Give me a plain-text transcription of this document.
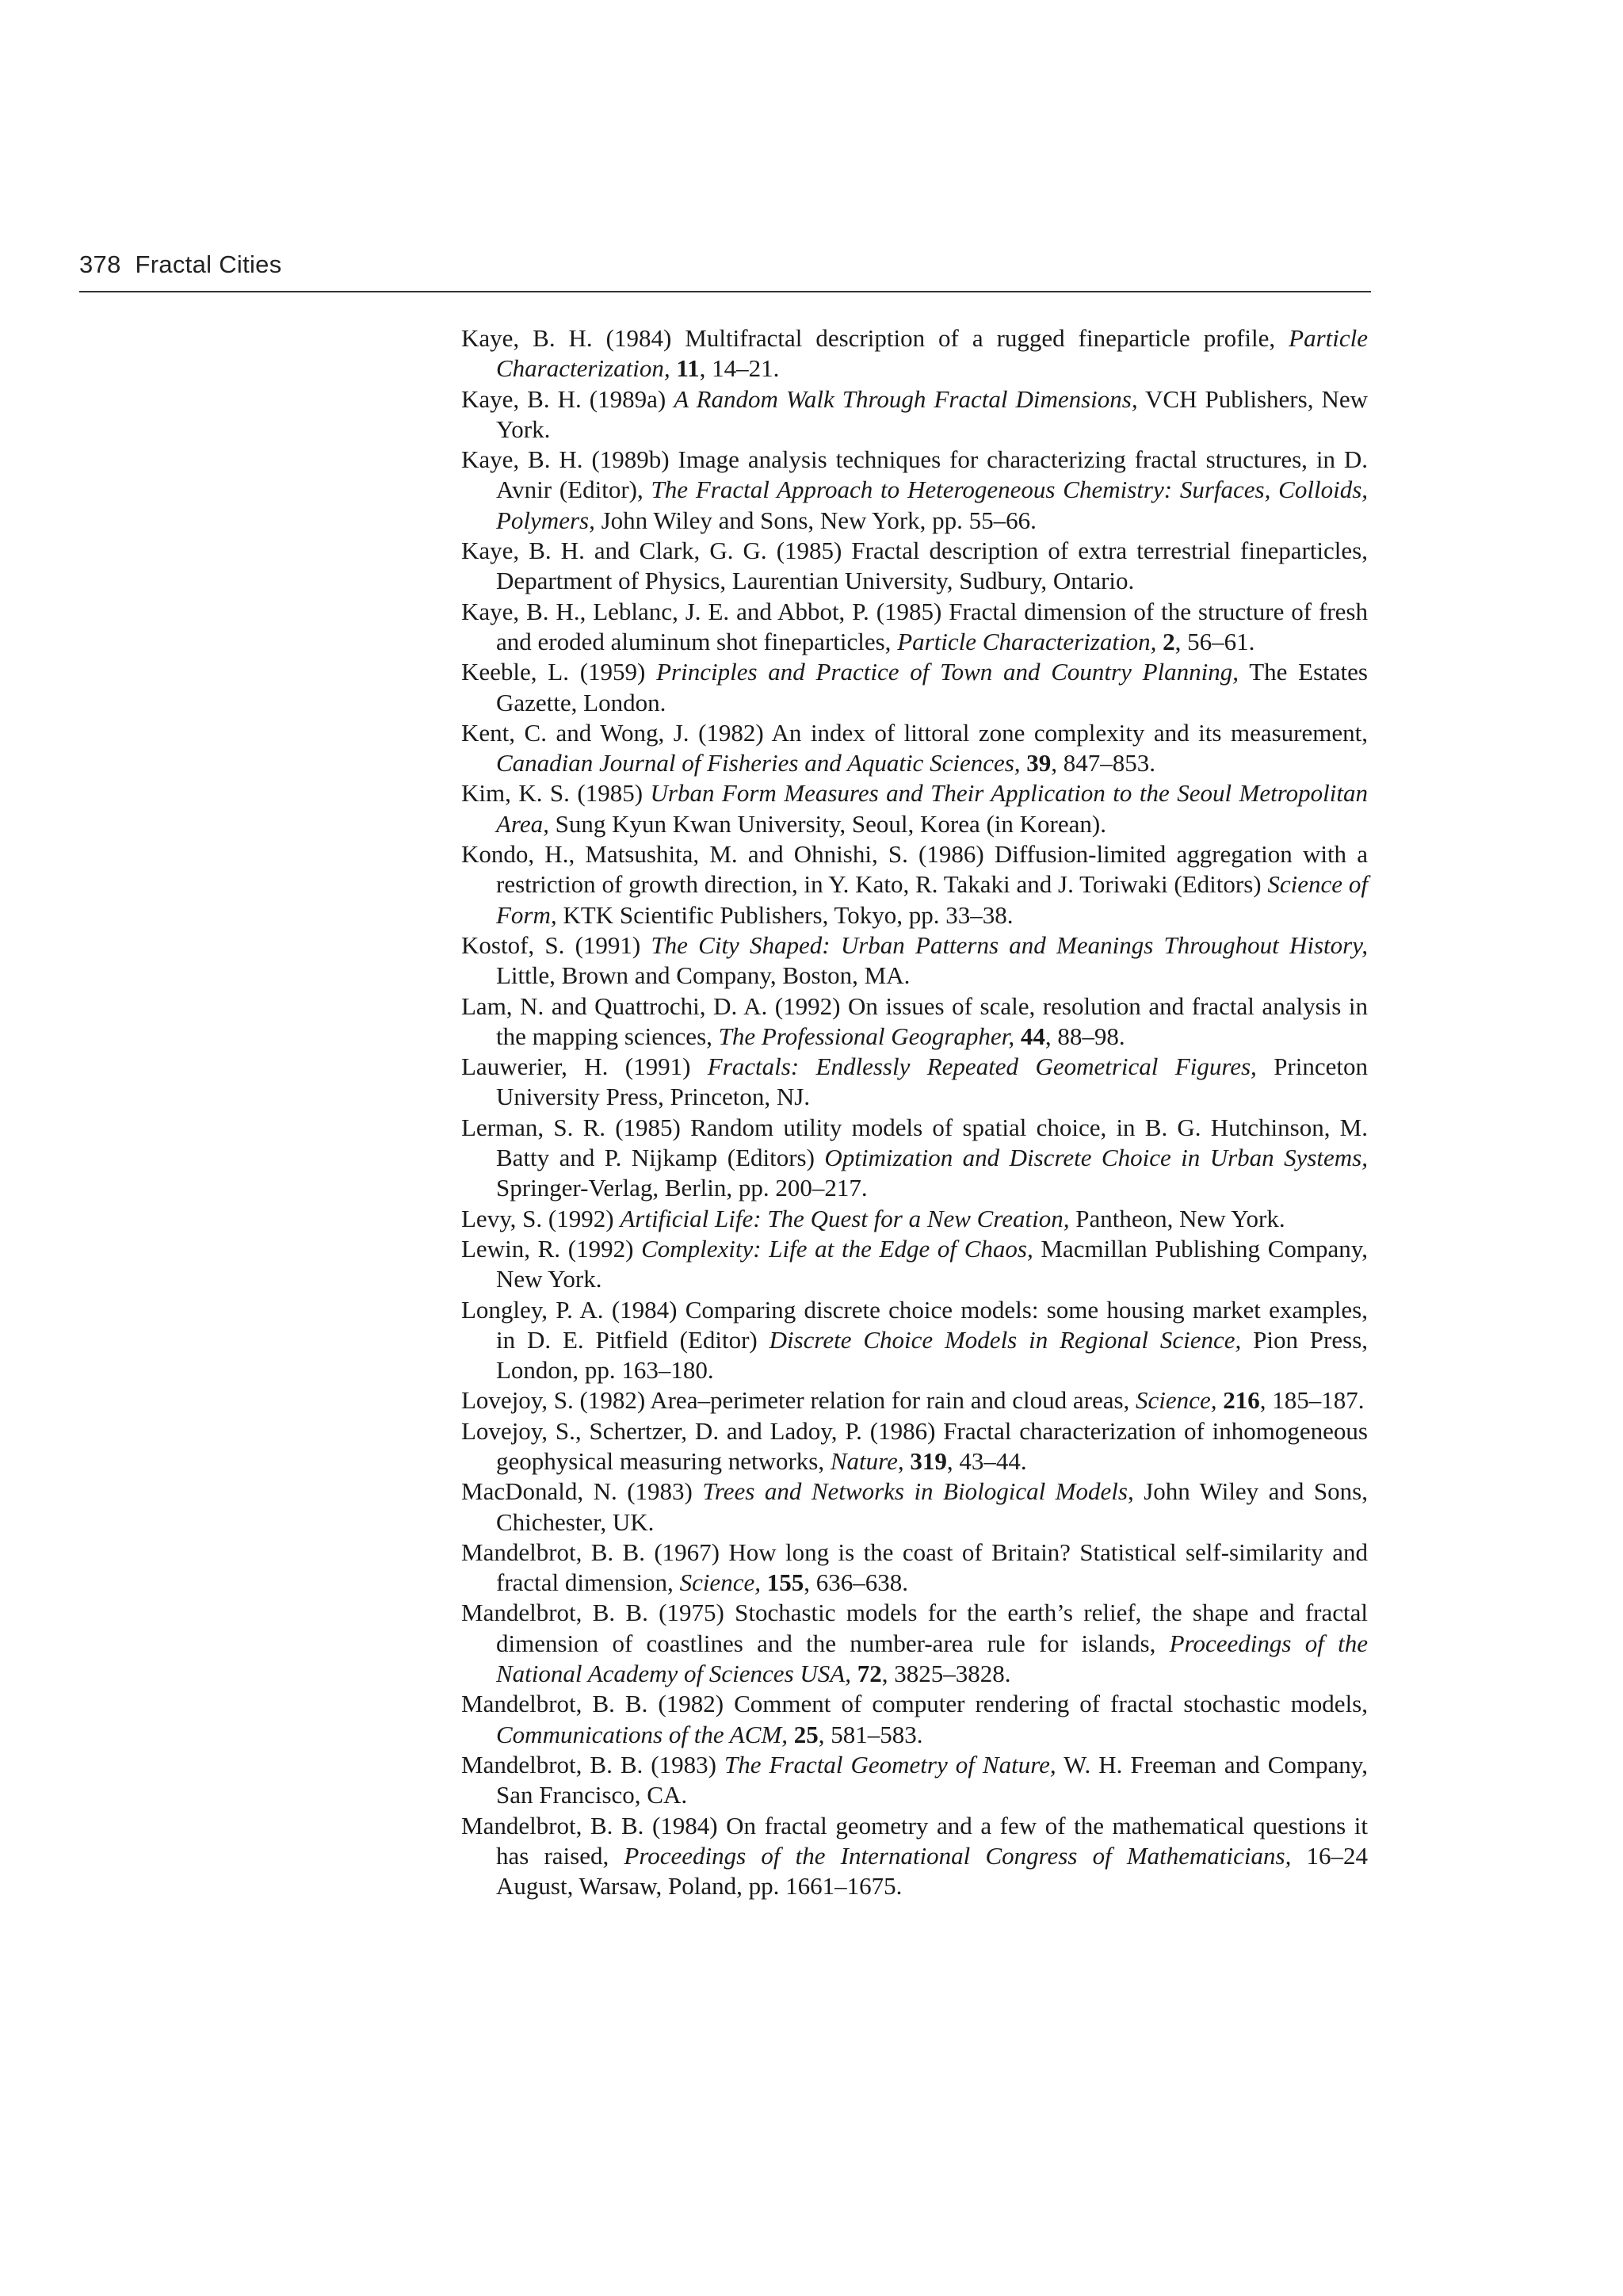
378 Fractal Cities
Kaye, B. H. (1984) Multifractal description of a rugged fineparticle profile, Particle Characterization, 11, 14–21.
Kaye, B. H. (1989a) A Random Walk Through Fractal Dimensions, VCH Publishers, New York.
Kaye, B. H. (1989b) Image analysis techniques for characterizing fractal structures, in D. Avnir (Editor), The Fractal Approach to Heterogeneous Chemistry: Surfaces, Colloids, Polymers, John Wiley and Sons, New York, pp. 55–66.
Kaye, B. H. and Clark, G. G. (1985) Fractal description of extra terrestrial fineparticles, Department of Physics, Laurentian University, Sudbury, Ontario.
Kaye, B. H., Leblanc, J. E. and Abbot, P. (1985) Fractal dimension of the structure of fresh and eroded aluminum shot fineparticles, Particle Characterization, 2, 56–61.
Keeble, L. (1959) Principles and Practice of Town and Country Planning, The Estates Gazette, London.
Kent, C. and Wong, J. (1982) An index of littoral zone complexity and its measurement, Canadian Journal of Fisheries and Aquatic Sciences, 39, 847–853.
Kim, K. S. (1985) Urban Form Measures and Their Application to the Seoul Metropolitan Area, Sung Kyun Kwan University, Seoul, Korea (in Korean).
Kondo, H., Matsushita, M. and Ohnishi, S. (1986) Diffusion-limited aggregation with a restriction of growth direction, in Y. Kato, R. Takaki and J. Toriwaki (Editors) Science of Form, KTK Scientific Publishers, Tokyo, pp. 33–38.
Kostof, S. (1991) The City Shaped: Urban Patterns and Meanings Throughout History, Little, Brown and Company, Boston, MA.
Lam, N. and Quattrochi, D. A. (1992) On issues of scale, resolution and fractal analysis in the mapping sciences, The Professional Geographer, 44, 88–98.
Lauwerier, H. (1991) Fractals: Endlessly Repeated Geometrical Figures, Princeton University Press, Princeton, NJ.
Lerman, S. R. (1985) Random utility models of spatial choice, in B. G. Hutchinson, M. Batty and P. Nijkamp (Editors) Optimization and Discrete Choice in Urban Systems, Springer-Verlag, Berlin, pp. 200–217.
Levy, S. (1992) Artificial Life: The Quest for a New Creation, Pantheon, New York.
Lewin, R. (1992) Complexity: Life at the Edge of Chaos, Macmillan Publishing Company, New York.
Longley, P. A. (1984) Comparing discrete choice models: some housing market examples, in D. E. Pitfield (Editor) Discrete Choice Models in Regional Science, Pion Press, London, pp. 163–180.
Lovejoy, S. (1982) Area–perimeter relation for rain and cloud areas, Science, 216, 185–187.
Lovejoy, S., Schertzer, D. and Ladoy, P. (1986) Fractal characterization of inhomogeneous geophysical measuring networks, Nature, 319, 43–44.
MacDonald, N. (1983) Trees and Networks in Biological Models, John Wiley and Sons, Chichester, UK.
Mandelbrot, B. B. (1967) How long is the coast of Britain? Statistical self-similarity and fractal dimension, Science, 155, 636–638.
Mandelbrot, B. B. (1975) Stochastic models for the earth’s relief, the shape and fractal dimension of coastlines and the number-area rule for islands, Proceedings of the National Academy of Sciences USA, 72, 3825–3828.
Mandelbrot, B. B. (1982) Comment of computer rendering of fractal stochastic models, Communications of the ACM, 25, 581–583.
Mandelbrot, B. B. (1983) The Fractal Geometry of Nature, W. H. Freeman and Company, San Francisco, CA.
Mandelbrot, B. B. (1984) On fractal geometry and a few of the mathematical questions it has raised, Proceedings of the International Congress of Mathematicians, 16–24 August, Warsaw, Poland, pp. 1661–1675.
